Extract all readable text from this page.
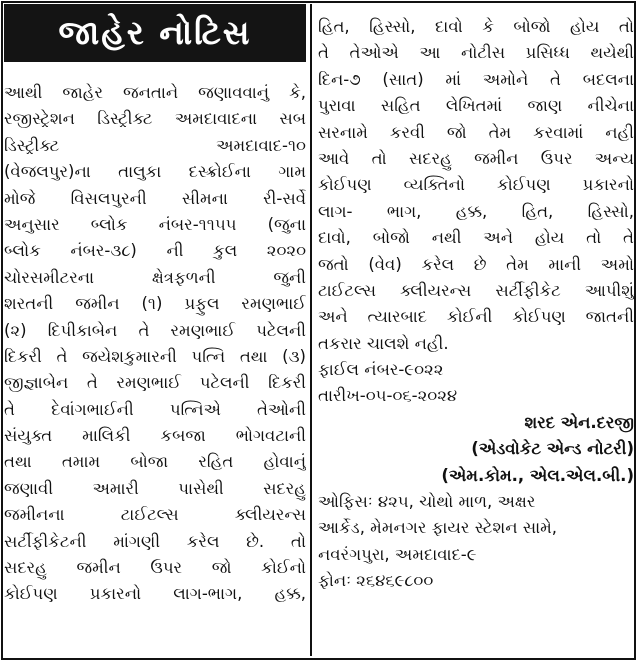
જાહેર નોટિસ
આથી જાહેર જનતાને જણાવવાનું કે,
રજીસ્ટ્રેશન ડિસ્ટ્રીક્ટ અમદાવાદના સબ
ડિસ્ટ્રીક્ટ          અમદાવાદ-૧૦
(વેજલપુર)ના તાલુકા દસ્ક્રોઈના ગામ
મોજે વિસલપુરની સીમના રી-સર્વે
અનુસાર બ્લોક નંબર-૧૧૫૫ (જુના
બ્લોક નંબર-૩૮) ની કુલ ૨૦૨૦
ચોરસમીટરના ક્ષેત્રફળની જુની
શરતની જમીન (૧) પ્રફુલ રમણભાઈ
(૨) દિપીકાબેન તે રમણભાઈ પટેલની
દિકરી તે જયેશકુમારની પત્નિ તથા (૩)
જીજ્ઞાબેન તે રમણભાઈ પટેલની દિકરી
તે દેવાંગભાઈની પત્નિએ તેઓની
સંયુક્ત માલિકી કબજા ભોગવટાની
તથા તમામ બોજા રહિત હોવાનું
જણાવી અમારી પાસેથી સદરહુ
જમીનના ટાઈટલ્સ ક્લીયરન્સ
સર્ટીફીકેટની માંગણી કરેલ છે. તો
સદરહુ જમીન ઉપર જો કોઈનો
કોઈપણ પ્રકારનો લાગ-ભાગ, હક્ક,
હિત, હિસ્સો, દાવો કે બોજો હોય તો
તે તેઓએ આ નોટીસ પ્રસિધ્ધ થયેથી
દિન-૭ (સાત) માં અમોને તે બદલના
પુરાવા સહિત લેખિતમાં જાણ નીચેના
સરનામે કરવી જો તેમ કરવામાં નહી
આવે તો સદરહુ જમીન ઉપર અન્ય
કોઈપણ વ્યક્તિનો કોઈપણ પ્રકારનો
લાગ- ભાગ, હક્ક, હિત, હિસ્સો,
દાવો, બોજો નથી અને હોય તો તે
જતો (વેવ) કરેલ છે તેમ માની અમો
ટાઈટલ્સ ક્લીયરન્સ સર્ટીફીકેટ આપીશું
અને ત્યારબાદ કોઈની કોઈપણ જાતની
તકરાર ચાલશે નહી.
ફાઈલ નંબર-૯૦૨૨
તારીખ-૦૫-૦૬-૨૦૨૪
શરદ એન.દરજી
(એડવોકેટ એન્ડ નોટરી)
(એમ.કોમ., એલ.એલ.બી.)
ઓફિસઃ ૪૨૫, ચોથો માળ, અક્ષર
આર્કેડ, મેમનગર ફાયર સ્ટેશન સામે,
નવરંગપુરા, અમદાવાદ-૯
ફોનઃ ૨૬૪૬૯૮૦૦
